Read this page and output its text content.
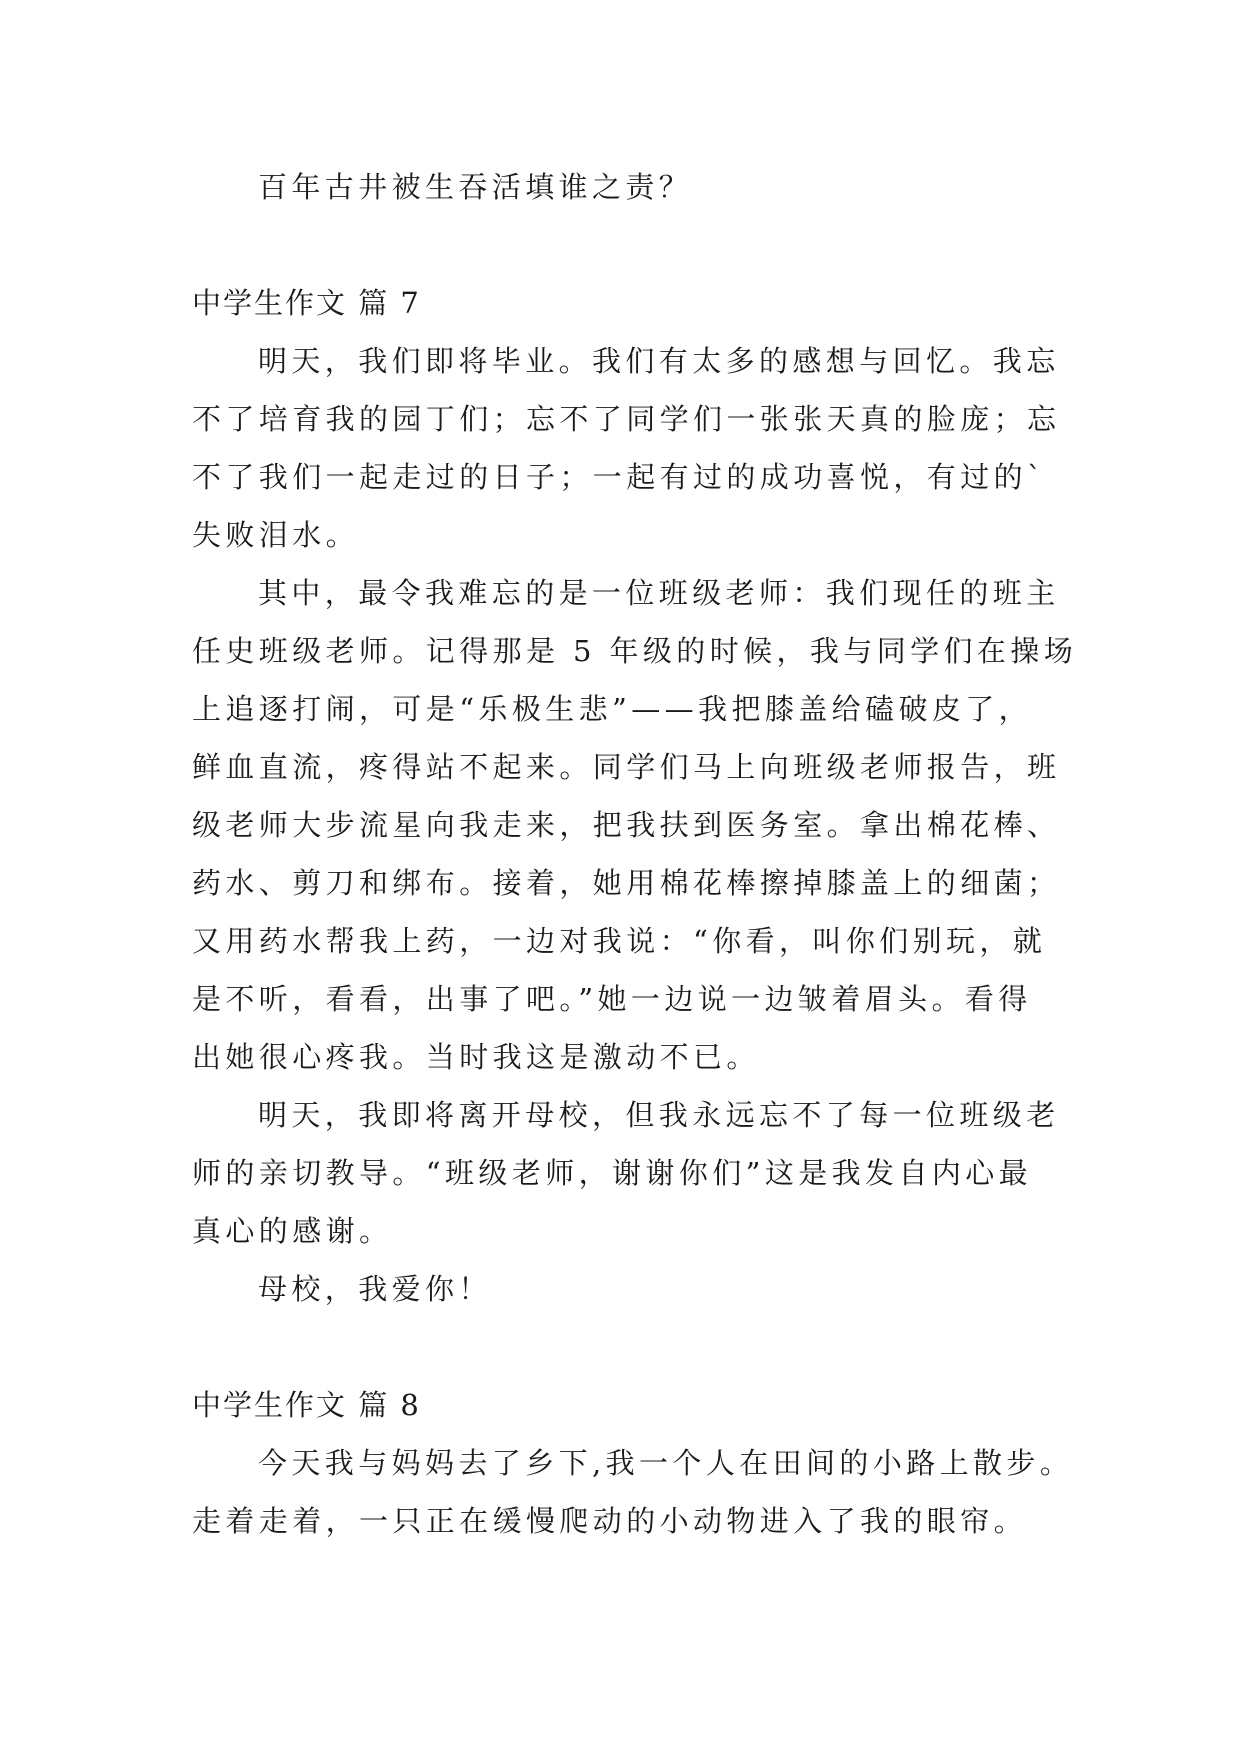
百年古井被生吞活填谁之责？
中学生作文 篇 7
明天，我们即将毕业。我们有太多的感想与回忆。我忘
不了培育我的园丁们；忘不了同学们一张张天真的脸庞；忘
不了我们一起走过的日子；一起有过的成功喜悦，有过的`
失败泪水。
其中，最令我难忘的是一位班级老师：我们现任的班主
任史班级老师。记得那是 5 年级的时候，我与同学们在操场
上追逐打闹，可是“乐极生悲”——我把膝盖给磕破皮了，
鲜血直流，疼得站不起来。同学们马上向班级老师报告，班
级老师大步流星向我走来，把我扶到医务室。拿出棉花棒、
药水、剪刀和绑布。接着，她用棉花棒擦掉膝盖上的细菌；
又用药水帮我上药，一边对我说：“你看，叫你们别玩，就
是不听，看看，出事了吧。”她一边说一边皱着眉头。看得
出她很心疼我。当时我这是激动不已。
明天，我即将离开母校，但我永远忘不了每一位班级老
师的亲切教导。“班级老师，谢谢你们”这是我发自内心最
真心的感谢。
母校，我爱你！
中学生作文 篇 8
今天我与妈妈去了乡下,我一个人在田间的小路上散步。
走着走着，一只正在缓慢爬动的小动物进入了我的眼帘。
